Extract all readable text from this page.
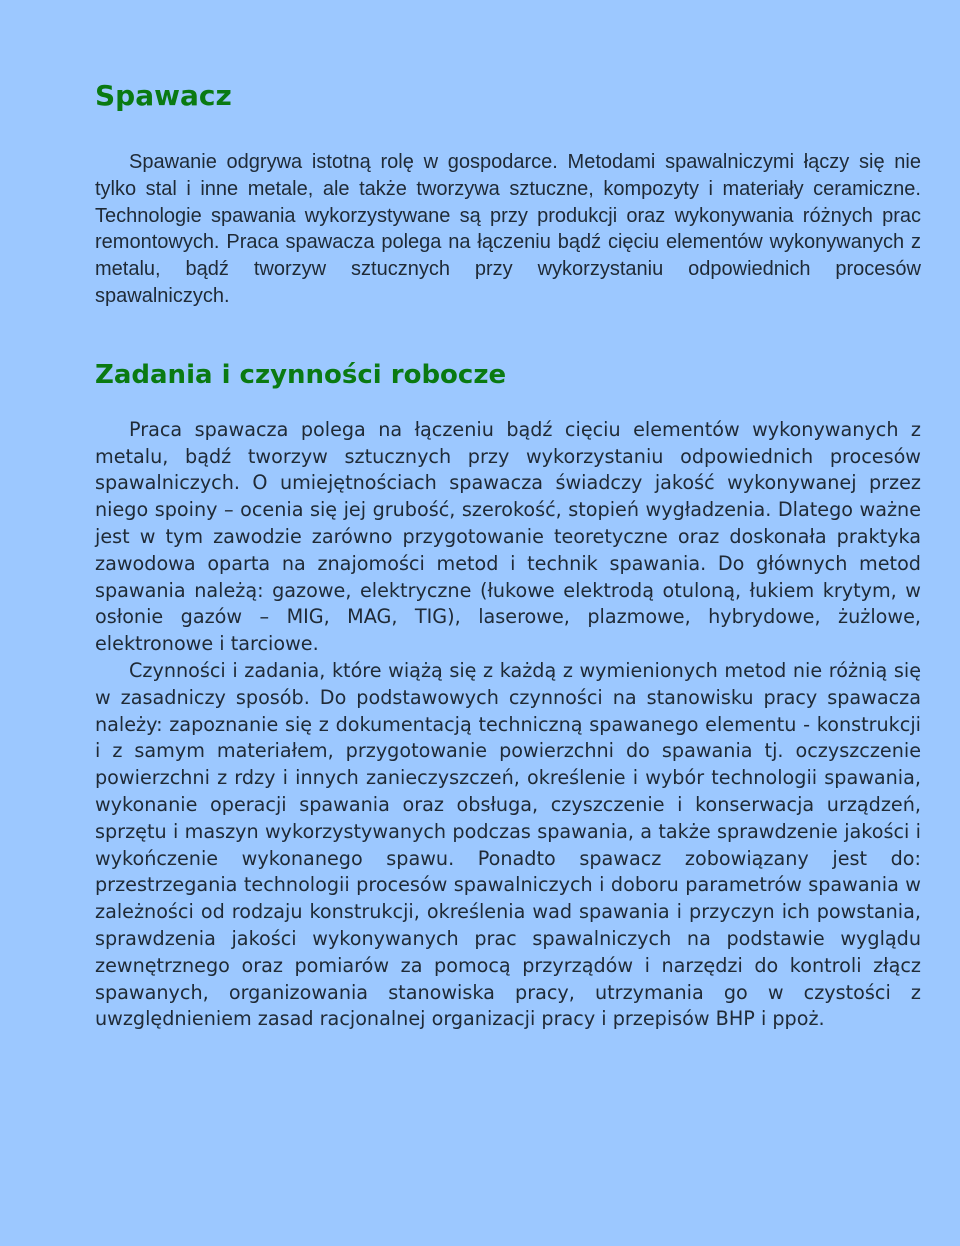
Spawacz

Spawanie odgrywa istotną rolę w gospodarce. Metodami spawalniczymi łączy się nie tylko stal i inne metale, ale także tworzywa sztuczne, kompozyty i materiały ceramiczne. Technologie spawania wykorzystywane są przy produkcji oraz wykonywania różnych prac remontowych. Praca spawacza polega na łączeniu bądź cięciu elementów wykonywanych z metalu, bądź tworzyw sztucznych przy wykorzystaniu odpowiednich procesów spawalniczych.

Zadania i czynności robocze

Praca spawacza polega na łączeniu bądź cięciu elementów wykonywanych z metalu, bądź tworzyw sztucznych przy wykorzystaniu odpowiednich procesów spawalniczych. O umiejętnościach spawacza świadczy jakość wykonywanej przez niego spoiny – ocenia się jej grubość, szerokość, stopień wygładzenia. Dlatego ważne jest w tym zawodzie zarówno przygotowanie teoretyczne oraz doskonała praktyka zawodowa oparta na znajomości metod i technik spawania. Do głównych metod spawania należą: gazowe, elektryczne (łukowe elektrodą otuloną, łukiem krytym, w osłonie gazów – MIG, MAG, TIG), laserowe, plazmowe, hybrydowe, żużlowe, elektronowe i tarciowe.

Czynności i zadania, które wiążą się z każdą z wymienionych metod nie różnią się w zasadniczy sposób. Do podstawowych czynności na stanowisku pracy spawacza należy: zapoznanie się z dokumentacją techniczną spawanego elementu - konstrukcji i z samym materiałem, przygotowanie powierzchni do spawania tj. oczyszczenie powierzchni z rdzy i innych zanieczyszczeń, określenie i wybór technologii spawania, wykonanie operacji spawania oraz obsługa, czyszczenie i konserwacja urządzeń, sprzętu i maszyn wykorzystywanych podczas spawania, a także sprawdzenie jakości i wykończenie wykonanego spawu. Ponadto spawacz zobowiązany jest do: przestrzegania technologii procesów spawalniczych i doboru parametrów spawania w zależności od rodzaju konstrukcji, określenia wad spawania i przyczyn ich powstania, sprawdzenia jakości wykonywanych prac spawalniczych na podstawie wyglądu zewnętrznego oraz pomiarów za pomocą przyrządów i narzędzi do kontroli złącz spawanych, organizowania stanowiska pracy, utrzymania go w czystości z uwzględnieniem zasad racjonalnej organizacji pracy i przepisów BHP i ppoż.
